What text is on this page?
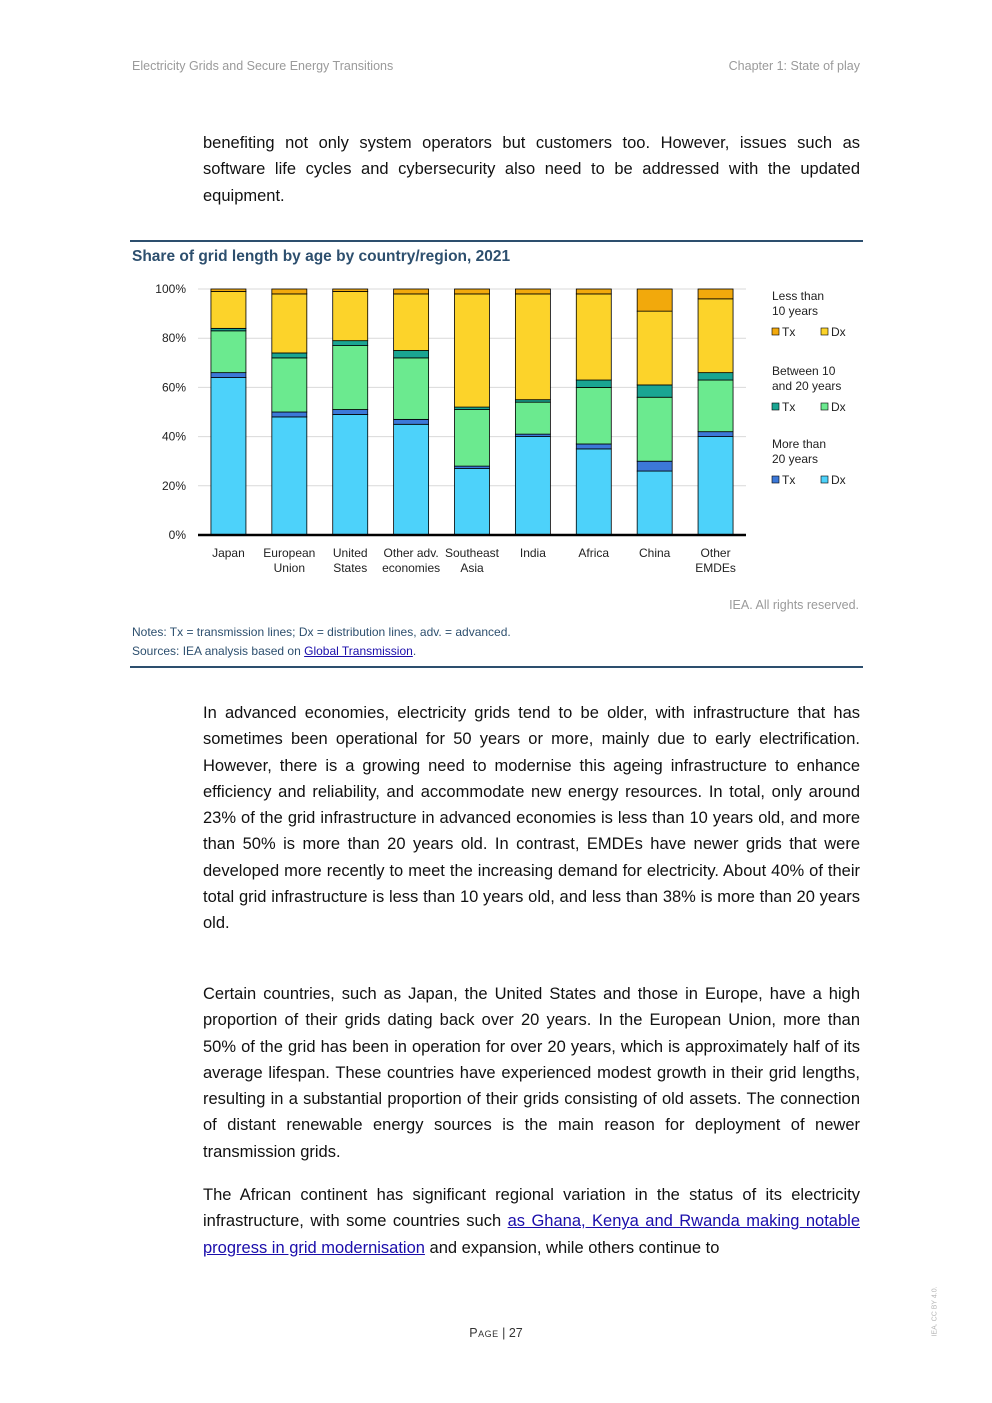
Electricity Grids and Secure Energy Transitions	Chapter 1: State of play
benefiting not only system operators but customers too. However, issues such as software life cycles and cybersecurity also need to be addressed with the updated equipment.
Share of grid length by age by country/region, 2021
0%
20%
40%
60%
80%
100%
Japan European
Union
United
States
Other adv.
economies
Southeast
Asia
India	Africa China	Other
EMDEs
Less than
10 years
Tx	Dx
Between 10
and 20 years
Tx	Dx
More than
20 years
Tx	Dx
IEA. All rights reserved.
Notes: Tx = transmission lines; Dx = distribution lines, adv. = advanced.
Sources: IEA analysis based on Global Transmission.
In advanced economies, electricity grids tend to be older, with infrastructure that has sometimes been operational for 50 years or more, mainly due to early electrification. However, there is a growing need to modernise this ageing infrastructure to enhance efficiency and reliability, and accommodate new energy resources. In total, only around 23% of the grid infrastructure in advanced economies is less than 10 years old, and more than 50% is more than 20 years old. In contrast, EMDEs have newer grids that were developed more recently to meet the increasing demand for electricity. About 40% of their total grid infrastructure is less than 10 years old, and less than 38% is more than 20 years old.
Certain countries, such as Japan, the United States and those in Europe, have a high proportion of their grids dating back over 20 years. In the European Union, more than 50% of the grid has been in operation for over 20 years, which is approximately half of its average lifespan. These countries have experienced modest growth in their grid lengths, resulting in a substantial proportion of their grids consisting of old assets. The connection of distant renewable energy sources is the main reason for deployment of newer transmission grids.
The African continent has significant regional variation in the status of its electricity infrastructure, with some countries such as Ghana, Kenya and Rwanda making notable progress in grid modernisation and expansion, while others continue to
Page | 27	IEA. CC BY 4.0.
